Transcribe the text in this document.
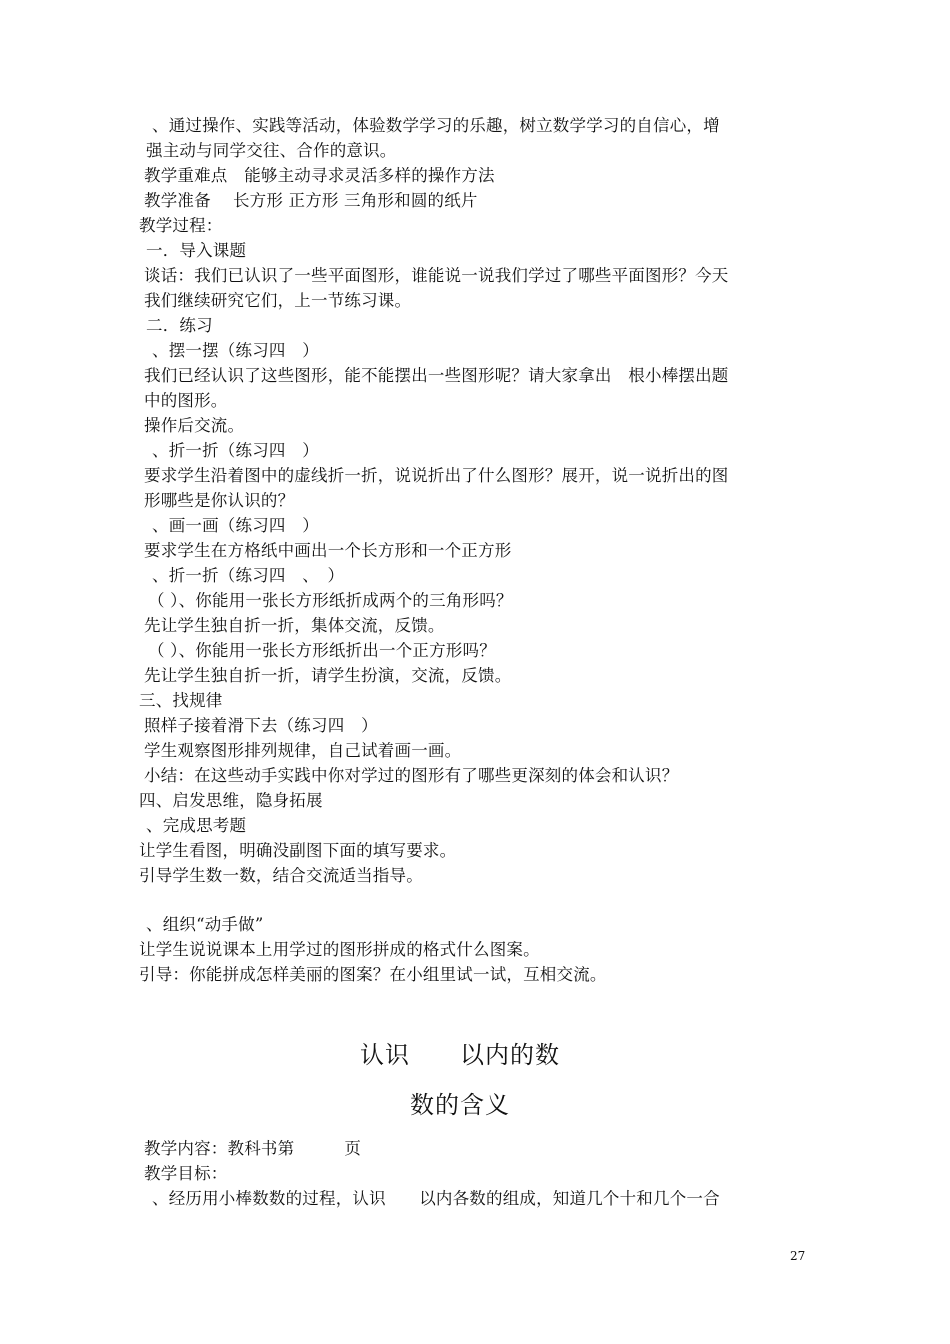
、通过操作、实践等活动，体验数学学习的乐趣，树立数学学习的自信心，增
强主动与同学交往、合作的意识。
教学重难点　能够主动寻求灵活多样的操作方法
教学准备　 长方形 正方形 三角形和圆的纸片
教学过程：
一．导入课题
谈话：我们已认识了一些平面图形，谁能说一说我们学过了哪些平面图形？今天
我们继续研究它们，上一节练习课。
二．练习
、摆一摆（练习四　）
我们已经认识了这些图形，能不能摆出一些图形呢？请大家拿出　根小棒摆出题
中的图形。
操作后交流。
、折一折（练习四　）
要求学生沿着图中的虚线折一折，说说折出了什么图形？展开，说一说折出的图
形哪些是你认识的？
、画一画（练习四　）
要求学生在方格纸中画出一个长方形和一个正方形
、折一折（练习四　、　）
（ ）、你能用一张长方形纸折成两个的三角形吗？
先让学生独自折一折，集体交流，反馈。
（ ）、你能用一张长方形纸折出一个正方形吗？
先让学生独自折一折，请学生扮演，交流，反馈。
三、找规律
照样子接着滑下去（练习四　）
学生观察图形排列规律，自己试着画一画。
小结：在这些动手实践中你对学过的图形有了哪些更深刻的体会和认识？
四、启发思维，隐身拓展
、完成思考题
让学生看图，明确没副图下面的填写要求。
引导学生数一数，结合交流适当指导。
、组织“动手做”
让学生说说课本上用学过的图形拼成的格式什么图案。
引导：你能拼成怎样美丽的图案？在小组里试一试，互相交流。
认识　　以内的数
数的含义
教学内容：教科书第　　　页
教学目标：
、经历用小棒数数的过程，认识　　以内各数的组成，知道几个十和几个一合
27
